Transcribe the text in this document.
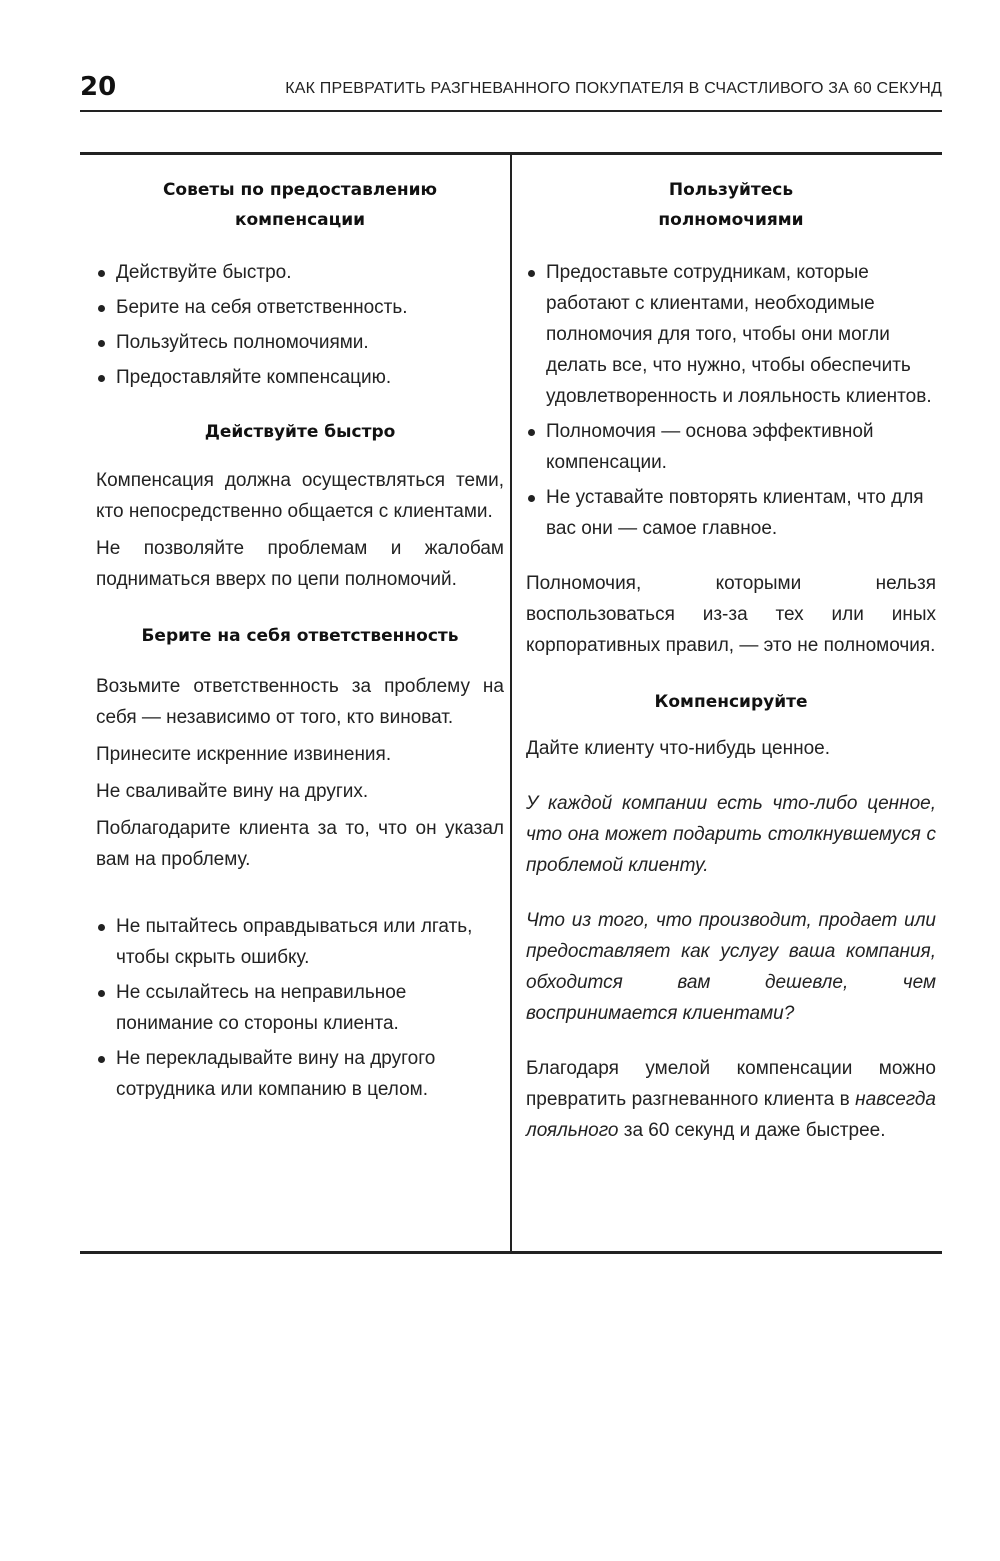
20	КАК ПРЕВРАТИТЬ РАЗГНЕВАННОГО ПОКУПАТЕЛЯ В СЧАСТЛИВОГО ЗА 60 СЕКУНД
Советы по предоставлению
компенсации
Действуйте быстро.
Берите на себя ответственность.
Пользуйтесь полномочиями.
Предоставляйте компенсацию.
Действуйте быстро

Компенсация должна осуществляться теми, кто непосредственно общается с клиентами.

Не позволяйте проблемам и жалобам подниматься вверх по цепи полномочий.

Берите на себя ответственность

Возьмите ответственность за проблему на себя — независимо от того, кто виноват.

Принесите искренние извинения.

Не сваливайте вину на других.

Поблагодарите клиента за то, что он указал вам на проблему.

Не пытайтесь оправдываться или лгать, чтобы скрыть ошибку.
Не ссылайтесь на неправильное понимание со стороны клиента.
Не перекладывайте вину на другого сотрудника или компанию в целом.
Пользуйтесь
полномочиями
Предоставьте сотрудникам, которые работают с клиентами, необходимые полномочия для того, чтобы они могли делать все, что нужно, чтобы обеспечить удовлетворенность и лояльность клиентов.
Полномочия — основа эффективной компенсации.
Не уставайте повторять клиентам, что для вас они — самое главное.

Полномочия, которыми нельзя воспользоваться из-за тех или иных корпоративных правил, — это не полномочия.

Компенсируйте

Дайте клиенту что-нибудь ценное.

У каждой компании есть что-либо ценное, что она может подарить столкнувшемуся с проблемой клиенту.

Что из того, что производит, продает или предоставляет как услугу ваша компания, обходится вам дешевле, чем воспринимается клиентами?

Благодаря умелой компенсации можно превратить разгневанного клиента в навсегда лояльного за 60 секунд и даже быстрее.
